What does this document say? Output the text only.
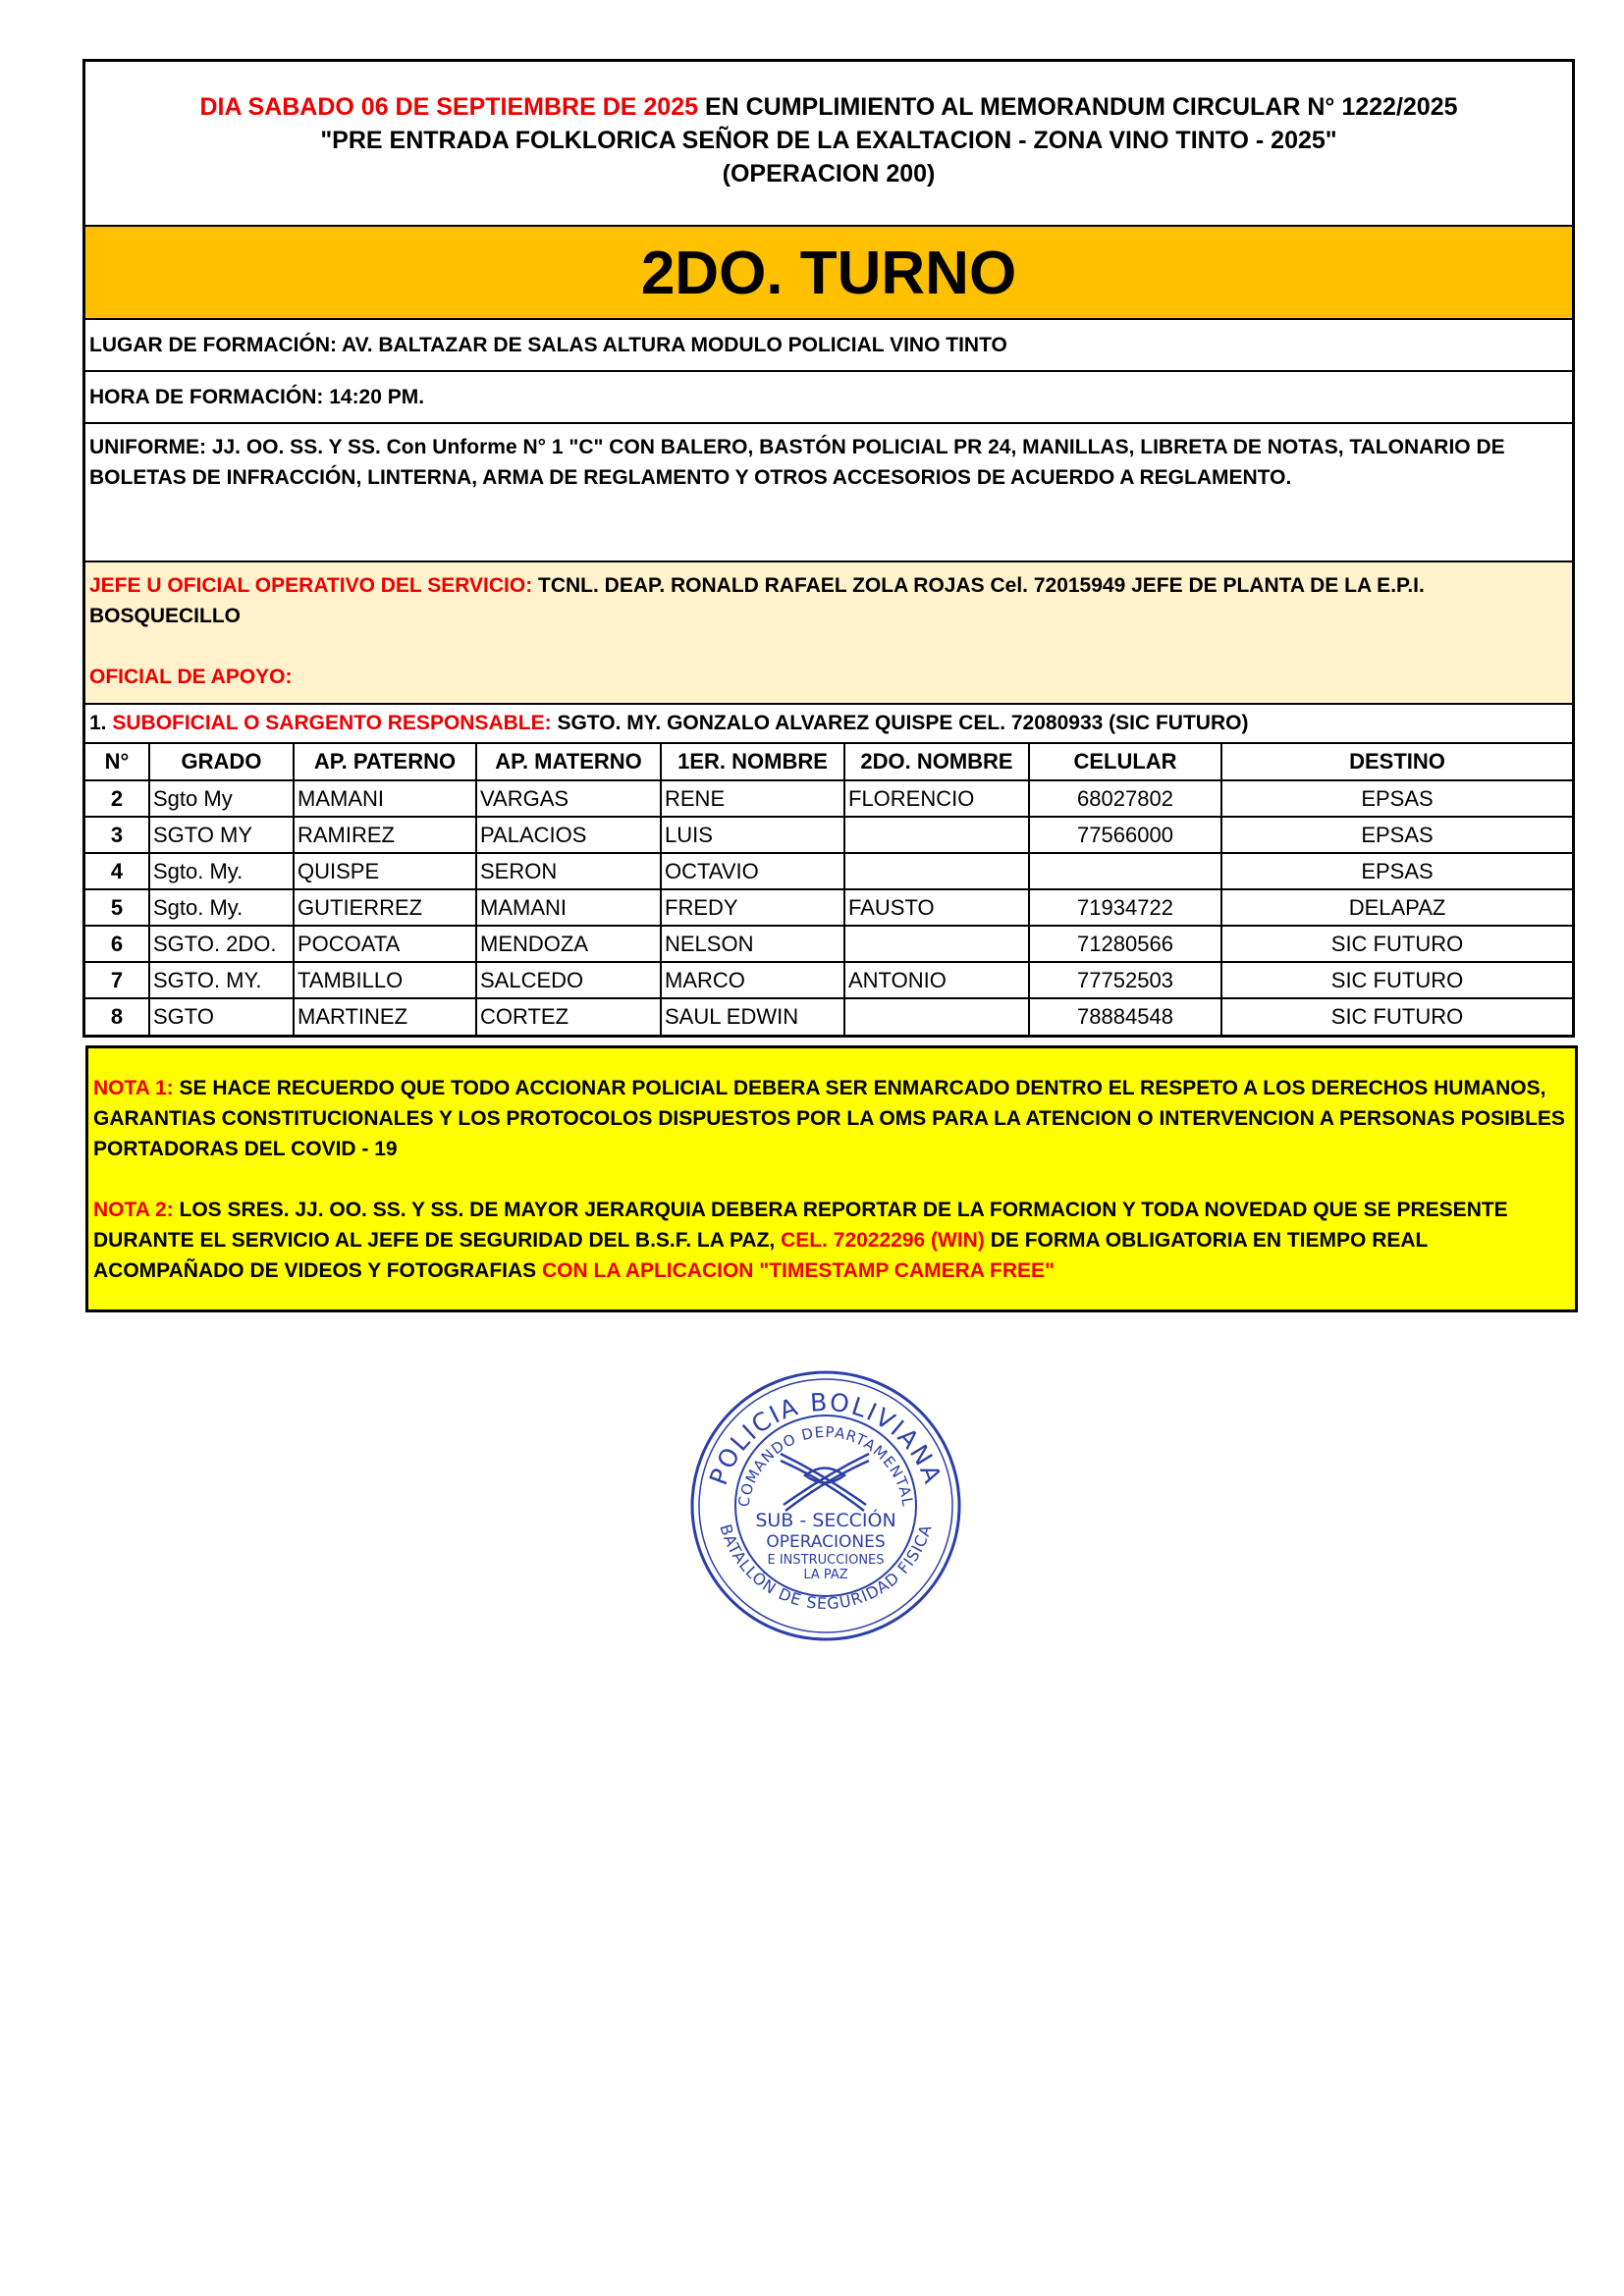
DIA SABADO 06 DE SEPTIEMBRE DE 2025 EN CUMPLIMIENTO AL MEMORANDUM CIRCULAR N° 1222/2025
"PRE ENTRADA FOLKLORICA SEÑOR DE LA EXALTACION - ZONA VINO TINTO - 2025"
(OPERACION 200)
2DO. TURNO
LUGAR DE FORMACIÓN: AV. BALTAZAR DE SALAS ALTURA MODULO POLICIAL VINO TINTO
HORA DE FORMACIÓN: 14:20 PM.
UNIFORME: JJ. OO. SS. Y SS. Con Unforme N° 1 "C" CON BALERO, BASTÓN POLICIAL PR 24, MANILLAS, LIBRETA DE NOTAS, TALONARIO DE BOLETAS DE INFRACCIÓN, LINTERNA, ARMA DE REGLAMENTO Y OTROS ACCESORIOS DE ACUERDO A REGLAMENTO.

JEFE U OFICIAL OPERATIVO DEL SERVICIO: TCNL. DEAP. RONALD RAFAEL ZOLA ROJAS Cel. 72015949 JEFE DE PLANTA DE LA E.P.I. BOSQUECILLO

OFICIAL DE APOYO:

1. SUBOFICIAL O SARGENTO RESPONSABLE: SGTO. MY. GONZALO ALVAREZ QUISPE CEL. 72080933 (SIC FUTURO)
N°	GRADO	AP. PATERNO	AP. MATERNO	1ER. NOMBRE	2DO. NOMBRE	CELULAR	DESTINO
2	Sgto My	MAMANI	VARGAS	RENE	FLORENCIO	68027802	EPSAS
3	SGTO MY	RAMIREZ	PALACIOS	LUIS		77566000	EPSAS
4	Sgto. My.	QUISPE	SERON	OCTAVIO			EPSAS
5	Sgto. My.	GUTIERREZ	MAMANI	FREDY	FAUSTO	71934722	DELAPAZ
6	SGTO. 2DO.	POCOATA	MENDOZA	NELSON		71280566	SIC FUTURO
7	SGTO. MY.	TAMBILLO	SALCEDO	MARCO	ANTONIO	77752503	SIC FUTURO
8	SGTO	MARTINEZ	CORTEZ	SAUL EDWIN		78884548	SIC FUTURO

NOTA 1: SE HACE RECUERDO QUE TODO ACCIONAR POLICIAL DEBERA SER ENMARCADO DENTRO EL RESPETO A LOS DERECHOS HUMANOS, GARANTIAS CONSTITUCIONALES Y LOS PROTOCOLOS DISPUESTOS POR LA OMS PARA LA ATENCION O INTERVENCION A PERSONAS POSIBLES PORTADORAS DEL COVID - 19

NOTA 2: LOS SRES. JJ. OO. SS. Y SS. DE MAYOR JERARQUIA DEBERA REPORTAR DE LA FORMACION Y TODA NOVEDAD QUE SE PRESENTE DURANTE EL SERVICIO AL JEFE DE SEGURIDAD DEL B.S.F. LA PAZ, CEL. 72022296 (WIN) DE FORMA OBLIGATORIA EN TIEMPO REAL ACOMPAÑADO DE VIDEOS Y FOTOGRAFIAS CON LA APLICACION "TIMESTAMP CAMERA FREE"

POLICIA BOLIVIANA
COMANDO DEPARTAMENTAL
SUB - SECCIÓN
OPERACIONES
E INSTRUCCIONES
LA PAZ
BATALLÓN DE SEGURIDAD FISICA
